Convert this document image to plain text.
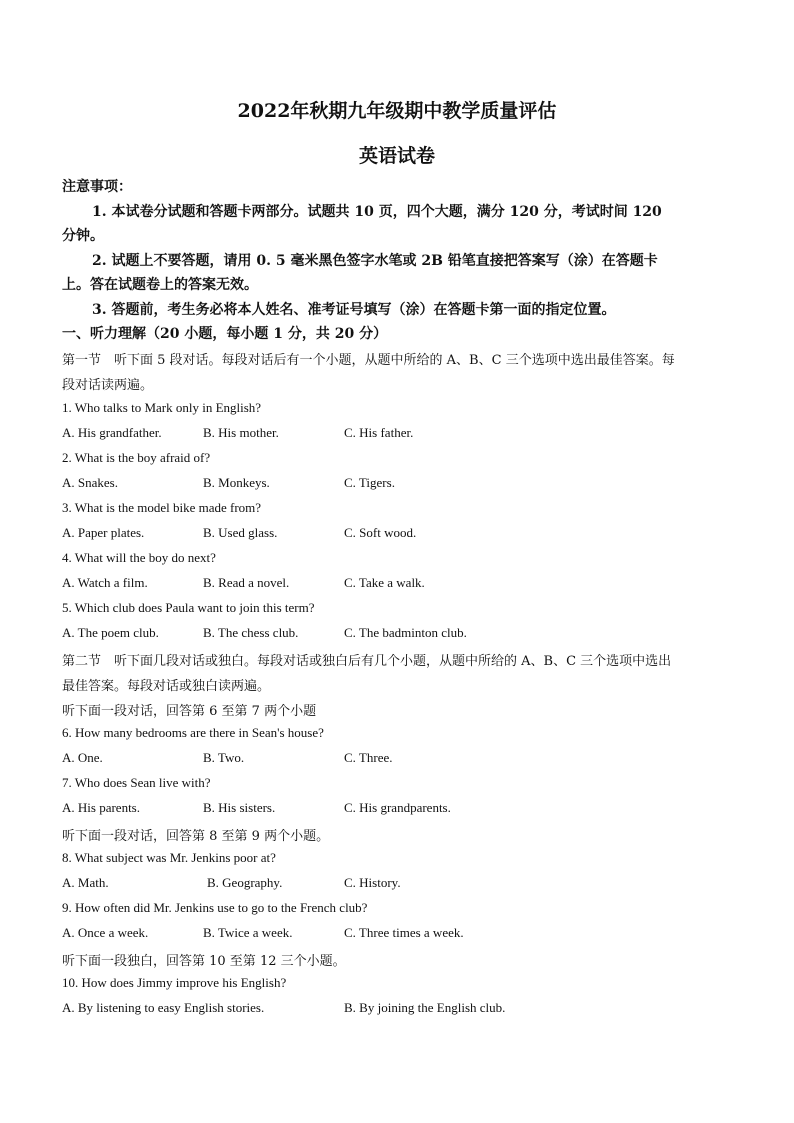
2022年秋期九年级期中教学质量评估
英语试卷
注意事项：
1. 本试卷分试题和答题卡两部分。试题共 10 页，四个大题，满分 120 分，考试时间 120
分钟。
2. 试题上不要答题，请用 0. 5 毫米黑色签字水笔或 2B 铅笔直接把答案写（涂）在答题卡
上。答在试题卷上的答案无效。
3. 答题前，考生务必将本人姓名、准考证号填写（涂）在答题卡第一面的指定位置。
一、听力理解（20 小题，每小题 1 分，共 20 分）
第一节　听下面 5 段对话。每段对话后有一个小题，从题中所给的 A、B、C 三个选项中选出最佳答案。每
段对话读两遍。
1. Who talks to Mark only in English?
A. His grandfather.	B. His mother.	C. His father.
2. What is the boy afraid of?
A. Snakes.	B. Monkeys.	C. Tigers.
3. What is the model bike made from?
A. Paper plates.	B. Used glass.	C. Soft wood.
4. What will the boy do next?
A. Watch a film.	B. Read a novel.	C. Take a walk.
5. Which club does Paula want to join this term?
A. The poem club.	B. The chess club.	C. The badminton club.
第二节　听下面几段对话或独白。每段对话或独白后有几个小题，从题中所给的 A、B、C 三个选项中选出
最佳答案。每段对话或独白读两遍。
听下面一段对话，回答第 6 至第 7 两个小题
6. How many bedrooms are there in Sean's house?
A. One.	B. Two.	C. Three.
7. Who does Sean live with?
A. His parents.	B. His sisters.	C. His grandparents.
听下面一段对话，回答第 8 至第 9 两个小题。
8. What subject was Mr. Jenkins poor at?
A. Math.	B. Geography.	C. History.
9. How often did Mr. Jenkins use to go to the French club?
A. Once a week.	B. Twice a week.	C. Three times a week.
听下面一段独白，回答第 10 至第 12 三个小题。
10. How does Jimmy improve his English?
A. By listening to easy English stories.	B. By joining the English club.
